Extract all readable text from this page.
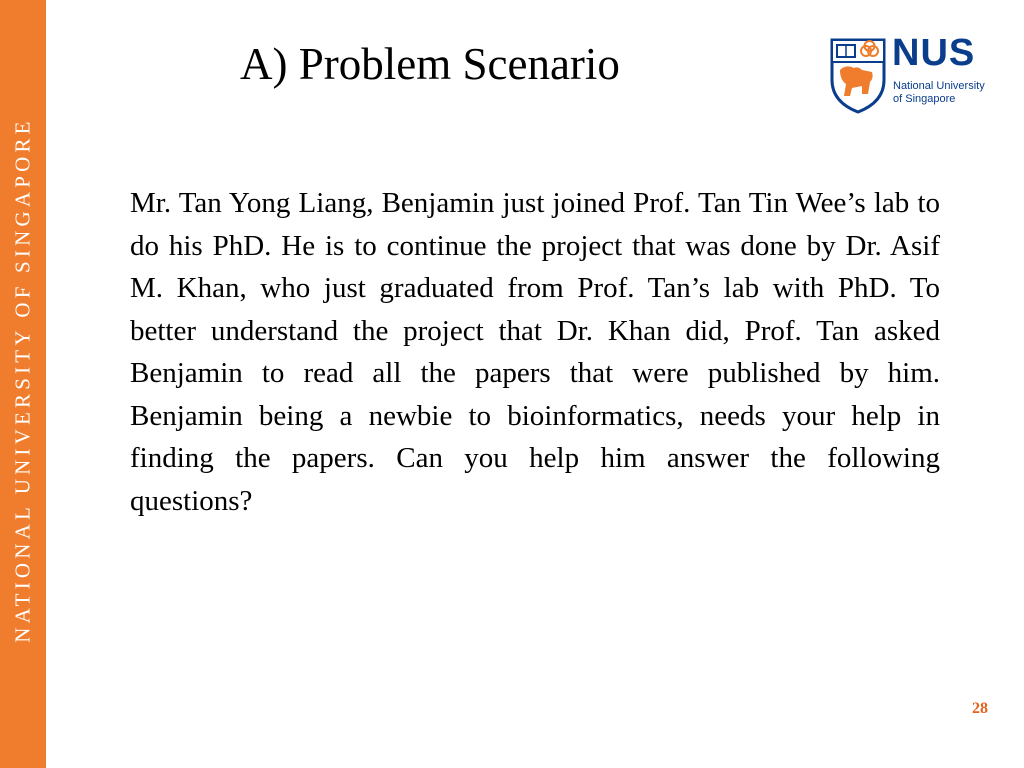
NATIONAL UNIVERSITY OF SINGAPORE
A) Problem Scenario	NUS
National University
of Singapore

Mr. Tan Yong Liang, Benjamin just joined Prof. Tan Tin Wee’s lab to do his PhD. He is to continue the project that was done by Dr. Asif M. Khan, who just graduated from Prof. Tan’s lab with PhD. To better understand the project that Dr. Khan did, Prof. Tan asked Benjamin to read all the papers that were published by him. Benjamin being a newbie to bioinformatics, needs your help in finding the papers. Can you help him answer the following questions?

28
